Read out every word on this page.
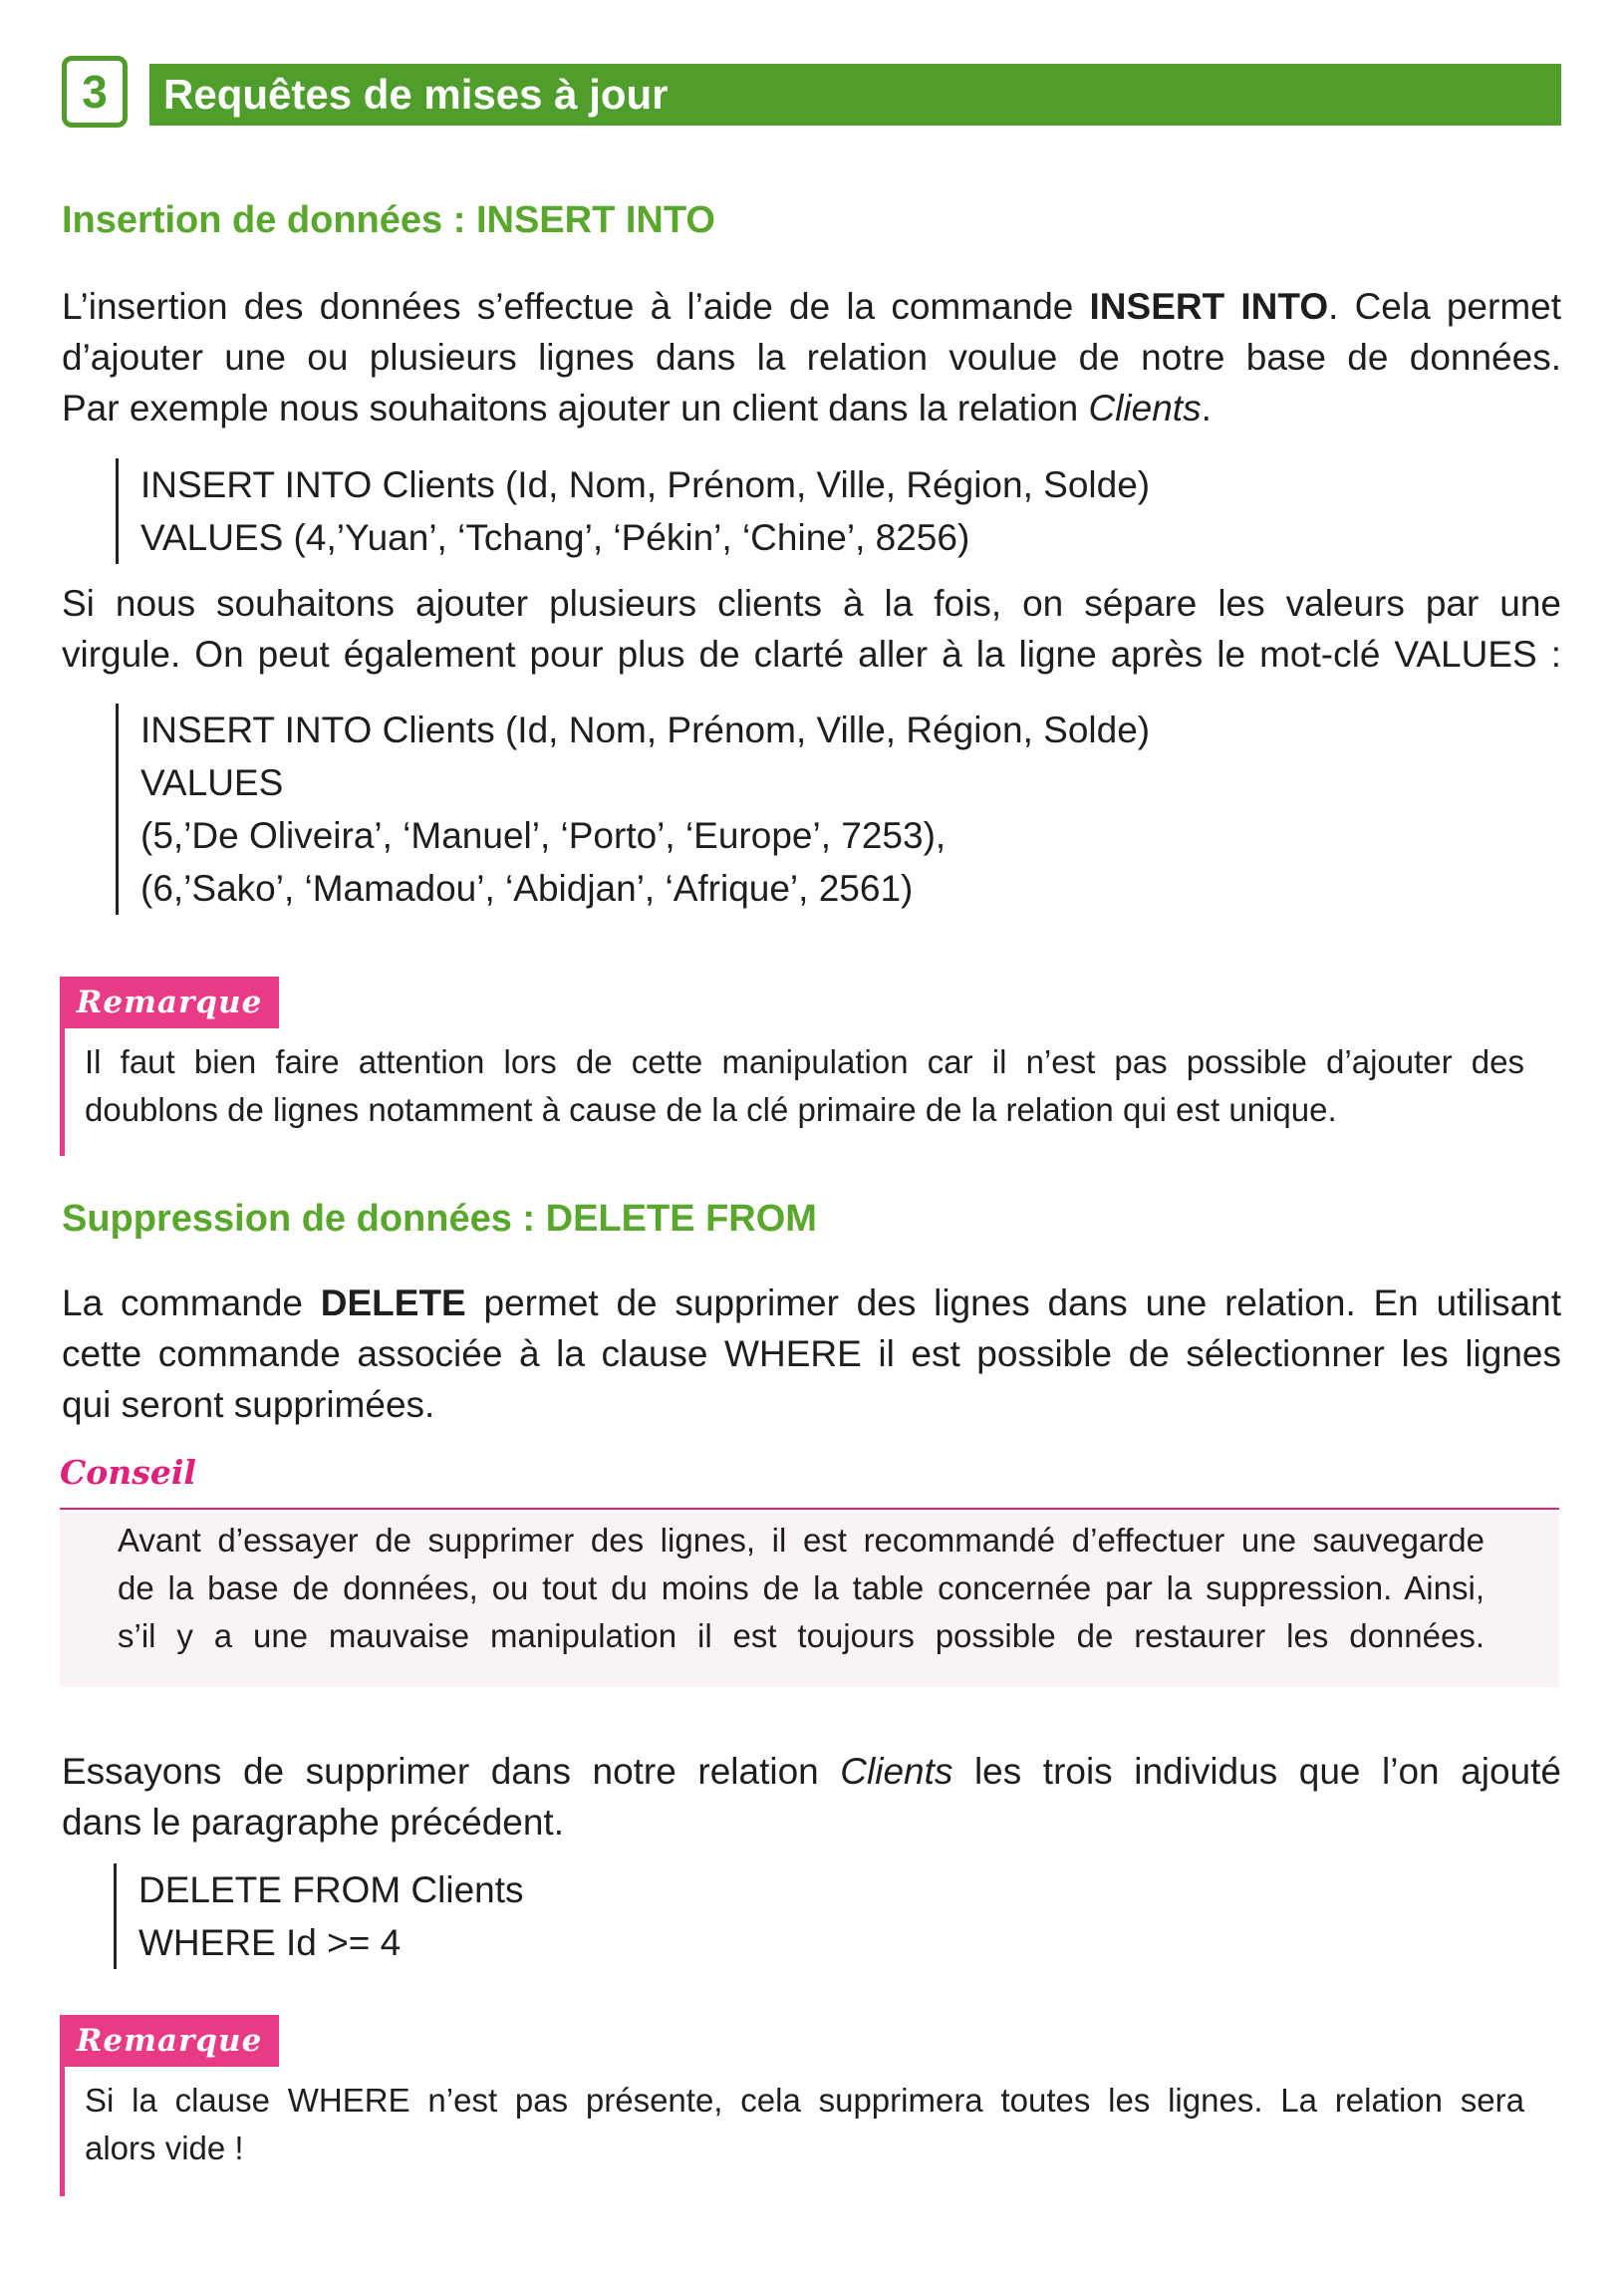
3	Requêtes de mises à jour
Insertion de données : INSERT INTO
L’insertion des données s’effectue à l’aide de la commande INSERT INTO. Cela permet
d’ajouter une ou plusieurs lignes dans la relation voulue de notre base de données.
Par exemple nous souhaitons ajouter un client dans la relation Clients.
INSERT INTO Clients (Id, Nom, Prénom, Ville, Région, Solde)
VALUES (4,’Yuan’, ‘Tchang’, ‘Pékin’, ‘Chine’, 8256)
Si nous souhaitons ajouter plusieurs clients à la fois, on sépare les valeurs par une
virgule. On peut également pour plus de clarté aller à la ligne après le mot-clé VALUES :
INSERT INTO Clients (Id, Nom, Prénom, Ville, Région, Solde)
VALUES
(5,’De Oliveira’, ‘Manuel’, ‘Porto’, ‘Europe’, 7253),
(6,’Sako’, ‘Mamadou’, ‘Abidjan’, ‘Afrique’, 2561)
Remarque
Il faut bien faire attention lors de cette manipulation car il n’est pas possible d’ajouter des
doublons de lignes notamment à cause de la clé primaire de la relation qui est unique.
Suppression de données : DELETE FROM
La commande DELETE permet de supprimer des lignes dans une relation. En utilisant
cette commande associée à la clause WHERE il est possible de sélectionner les lignes
qui seront supprimées.
Conseil
Avant d’essayer de supprimer des lignes, il est recommandé d’effectuer une sauvegarde
de la base de données, ou tout du moins de la table concernée par la suppression. Ainsi,
s’il y a une mauvaise manipulation il est toujours possible de restaurer les données.
Essayons de supprimer dans notre relation Clients les trois individus que l’on ajouté
dans le paragraphe précédent.
DELETE FROM Clients
WHERE Id >= 4
Remarque
Si la clause WHERE n’est pas présente, cela supprimera toutes les lignes. La relation sera
alors vide !
